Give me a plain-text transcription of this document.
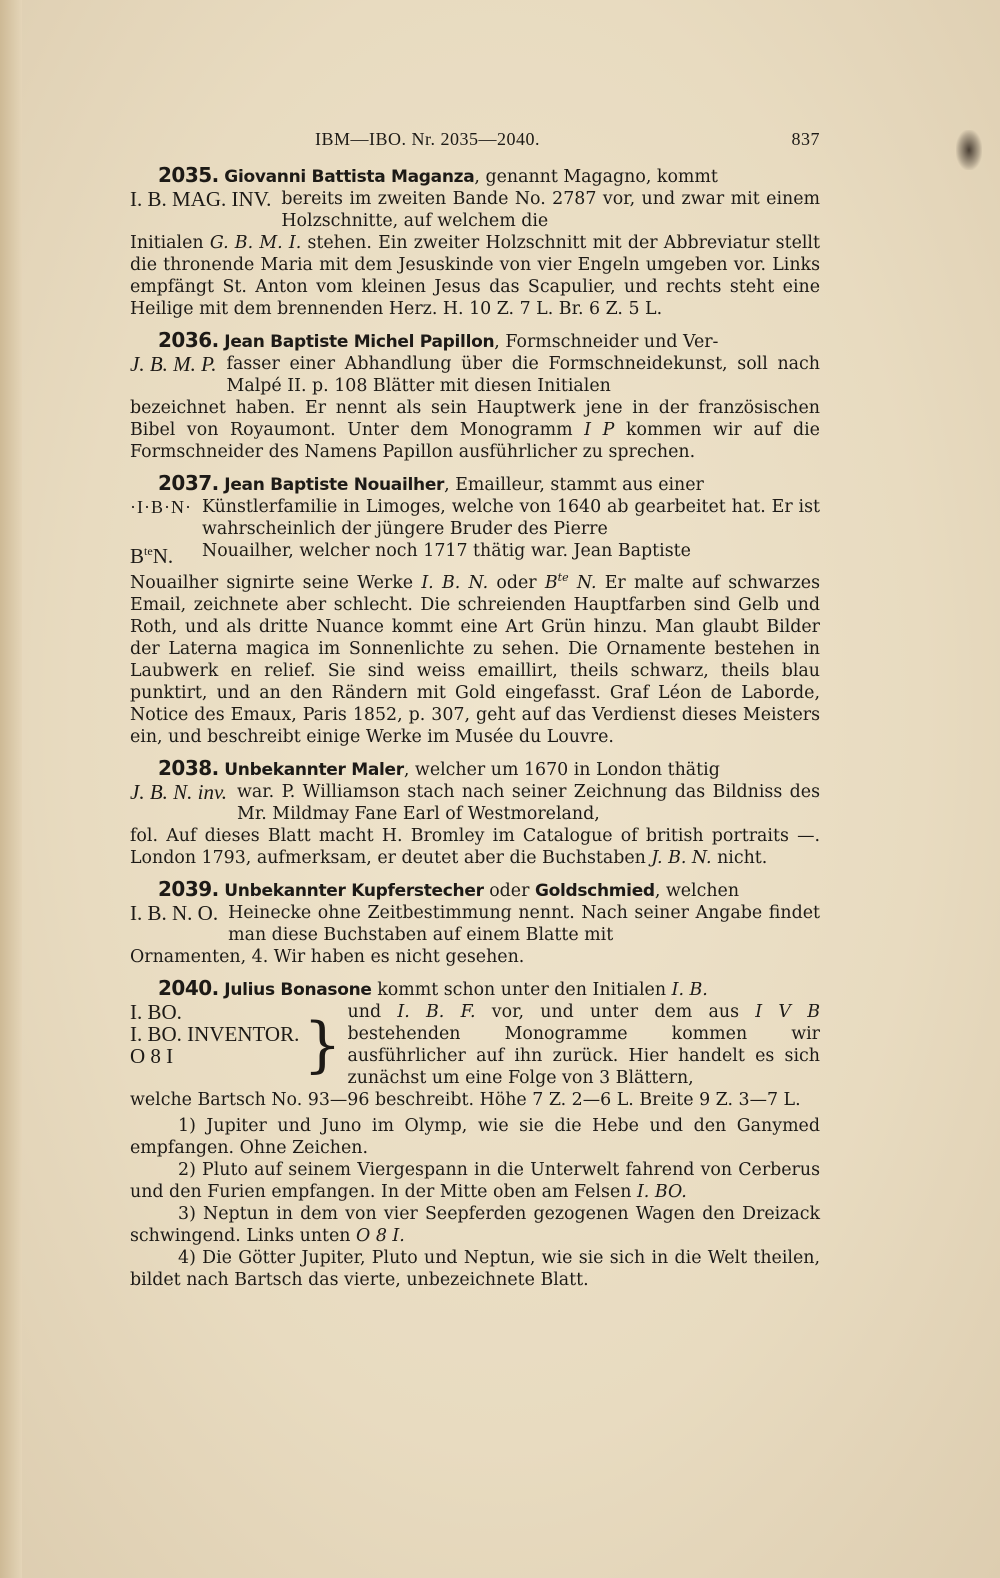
IBM—IBO. Nr. 2035—2040.	837
2035. Giovanni Battista Maganza, genannt Magagno, kommt
I. B. MAG. INV. bereits im zweiten Bande No. 2787 vor, und zwar mit einem Holzschnitte, auf welchem die
Initialen G. B. M. I. stehen. Ein zweiter Holzschnitt mit der Abbreviatur stellt die thronende Maria mit dem Jesuskinde von vier Engeln umgeben vor. Links empfängt St. Anton vom kleinen Jesus das Scapulier, und rechts steht eine Heilige mit dem brennenden Herz. H. 10 Z. 7 L. Br. 6 Z. 5 L.
2036. Jean Baptiste Michel Papillon, Formschneider und Ver-
J. B. M. P. fasser einer Abhandlung über die Formschneidekunst, soll nach Malpé II. p. 108 Blätter mit diesen Initialen
bezeichnet haben. Er nennt als sein Hauptwerk jene in der französischen Bibel von Royaumont. Unter dem Monogramm I P kommen wir auf die Formschneider des Namens Papillon ausführlicher zu sprechen.
2037. Jean Baptiste Nouailher, Emailleur, stammt aus einer
·I·B·N·
$B^{te}N$.
Künstlerfamilie in Limoges, welche von 1640 ab gearbeitet hat. Er ist wahrscheinlich der jüngere Bruder des Pierre
Nouailher, welcher noch 1717 thätig war. Jean Baptiste
Nouailher signirte seine Werke I. B. N. oder $B^{te}$ N. Er malte auf schwarzes Email, zeichnete aber schlecht. Die schreienden Hauptfarben sind Gelb und Roth, und als dritte Nuance kommt eine Art Grün hinzu. Man glaubt Bilder der Laterna magica im Sonnenlichte zu sehen. Die Ornamente bestehen in Laubwerk en relief. Sie sind weiss emaillirt, theils schwarz, theils blau punktirt, und an den Rändern mit Gold eingefasst. Graf Léon de Laborde, Notice des Emaux, Paris 1852, p. 307, geht auf das Verdienst dieses Meisters ein, und beschreibt einige Werke im Musée du Louvre.
2038. Unbekannter Maler, welcher um 1670 in London thätig
J. B. N. inv. war. P. Williamson stach nach seiner Zeichnung das Bildniss des Mr. Mildmay Fane Earl of Westmoreland,
fol. Auf dieses Blatt macht H. Bromley im Catalogue of british portraits —. London 1793, aufmerksam, er deutet aber die Buchstaben J. B. N. nicht.
2039. Unbekannter Kupferstecher oder Goldschmied, welchen
I. B. N. O. Heinecke ohne Zeitbestimmung nennt. Nach seiner Angabe findet man diese Buchstaben auf einem Blatte mit
Ornamenten, 4. Wir haben es nicht gesehen.
2040. Julius Bonasone kommt schon unter den Initialen I. B.
I. BO.
I. BO. INVENTOR.
O 8 I	} und I. B. F. vor, und unter dem aus I V B bestehenden Monogramme kommen wir ausführlicher auf ihn zurück. Hier handelt es sich zunächst um eine Folge von 3 Blättern,
welche Bartsch No. 93—96 beschreibt. Höhe 7 Z. 2—6 L. Breite 9 Z. 3—7 L.
1) Jupiter und Juno im Olymp, wie sie die Hebe und den Ganymed empfangen. Ohne Zeichen.
2) Pluto auf seinem Viergespann in die Unterwelt fahrend von Cerberus und den Furien empfangen. In der Mitte oben am Felsen I. BO.
3) Neptun in dem von vier Seepferden gezogenen Wagen den Dreizack schwingend. Links unten O 8 I.
4) Die Götter Jupiter, Pluto und Neptun, wie sie sich in die Welt theilen, bildet nach Bartsch das vierte, unbezeichnete Blatt.
